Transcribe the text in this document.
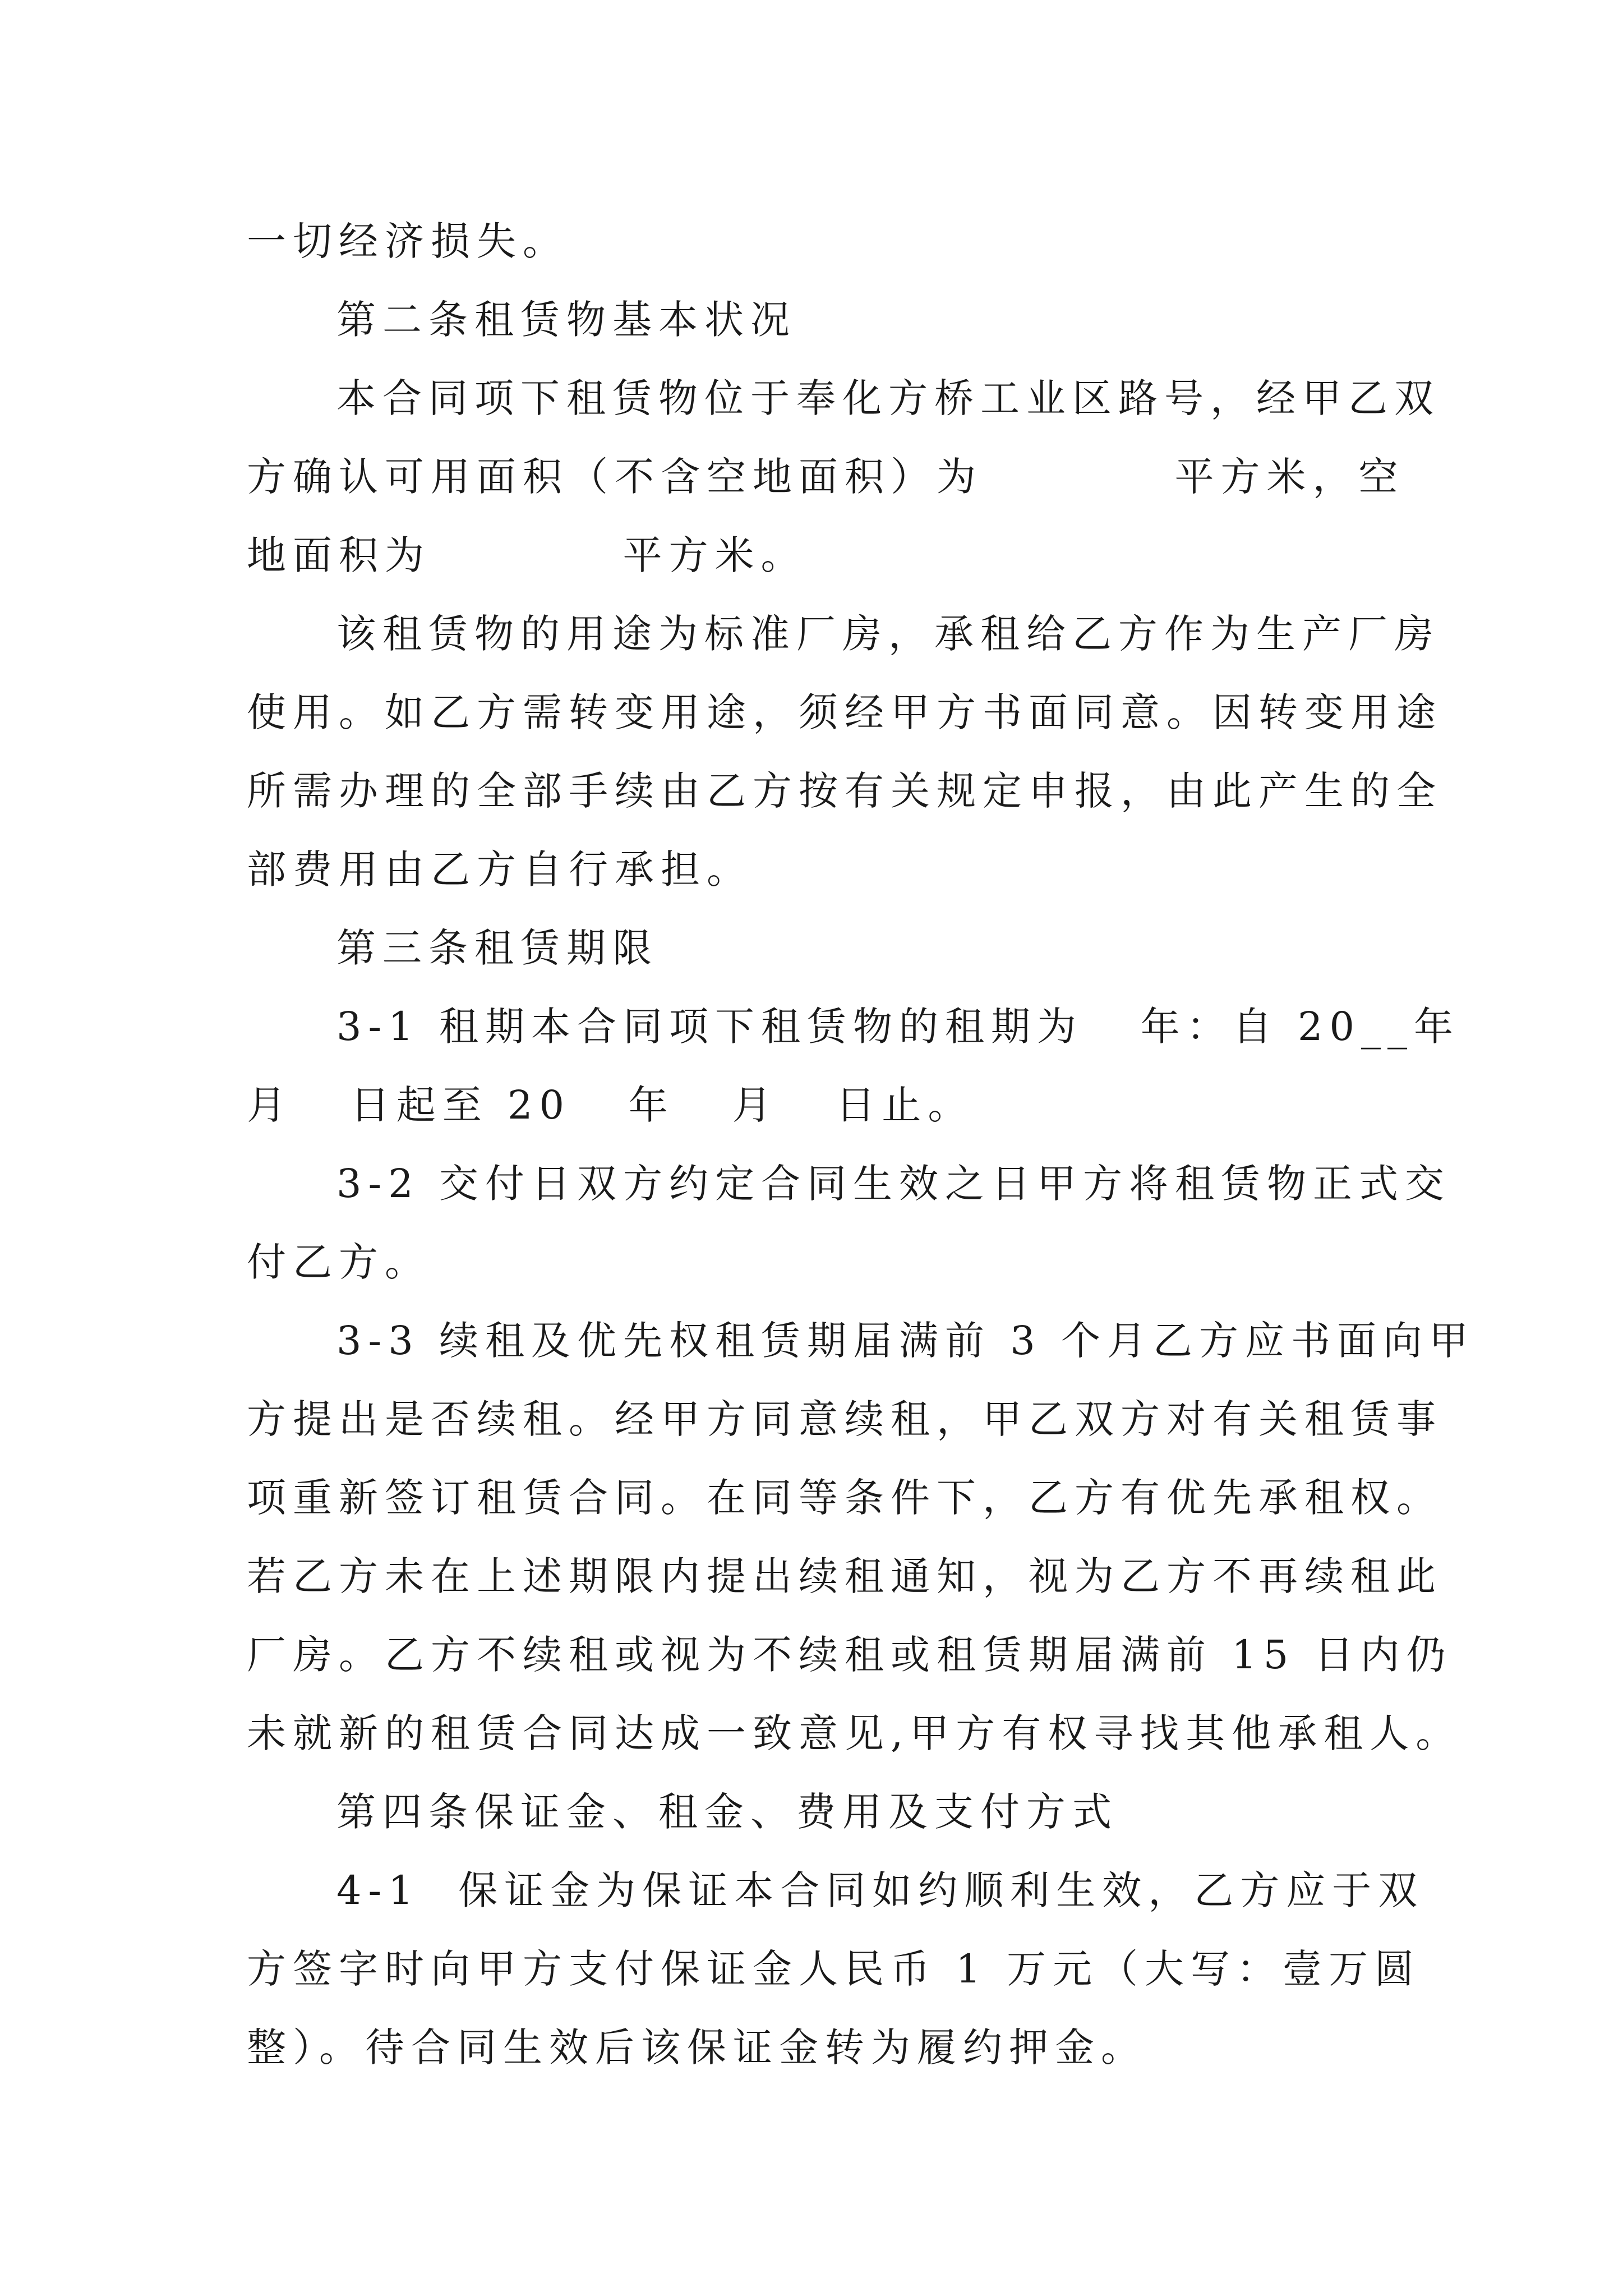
一切经济损失。
第二条租赁物基本状况
本合同项下租赁物位于奉化方桥工业区路号，经甲乙双
方确认可用面积（不含空地面积）为          平方米，空
地面积为          平方米。
该租赁物的用途为标准厂房，承租给乙方作为生产厂房
使用。如乙方需转变用途，须经甲方书面同意。因转变用途
所需办理的全部手续由乙方按有关规定申报，由此产生的全
部费用由乙方自行承担。
第三条租赁期限
3-1 租期本合同项下租赁物的租期为   年：自 20__年
月   日起至 20   年   月   日止。
3-2 交付日双方约定合同生效之日甲方将租赁物正式交
付乙方。
3-3 续租及优先权租赁期届满前 3 个月乙方应书面向甲
方提出是否续租。经甲方同意续租，甲乙双方对有关租赁事
项重新签订租赁合同。在同等条件下，乙方有优先承租权。
若乙方未在上述期限内提出续租通知，视为乙方不再续租此
厂房。乙方不续租或视为不续租或租赁期届满前 15 日内仍
未就新的租赁合同达成一致意见,甲方有权寻找其他承租人。
第四条保证金、租金、费用及支付方式
4-1  保证金为保证本合同如约顺利生效，乙方应于双
方签字时向甲方支付保证金人民币 1 万元（大写：壹万圆
整）。待合同生效后该保证金转为履约押金。
